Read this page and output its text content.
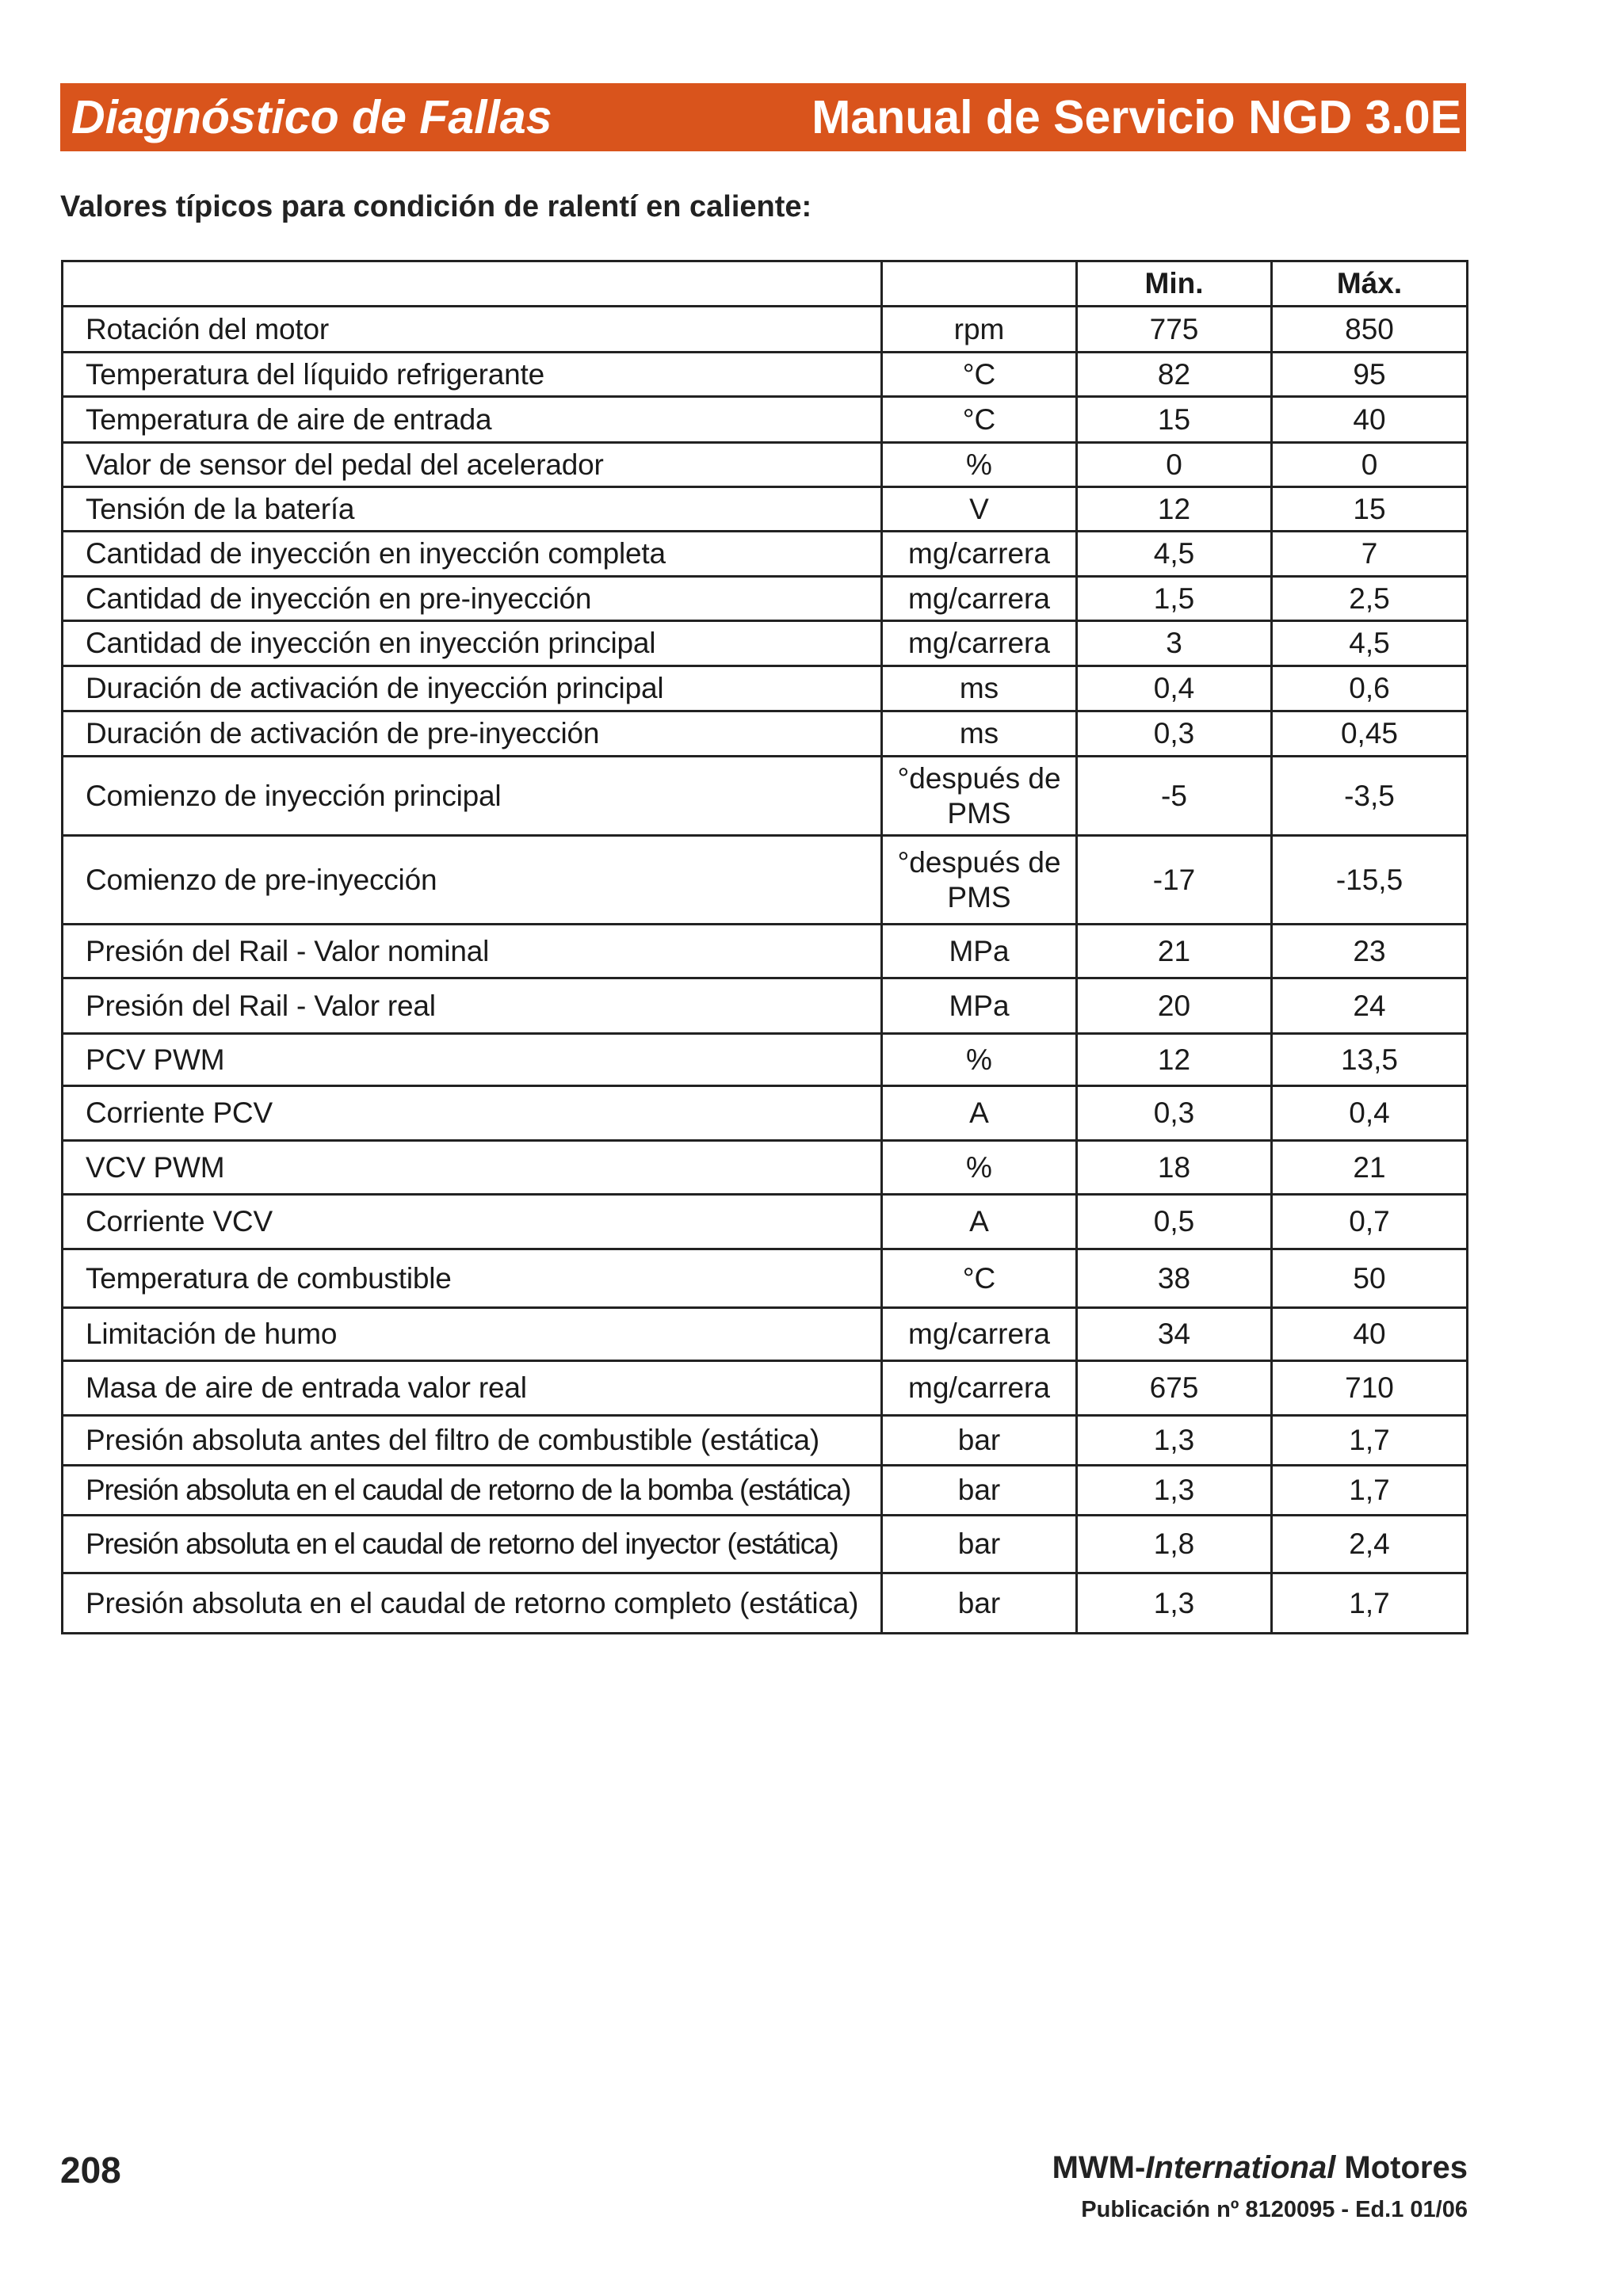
Diagnóstico de Fallas	Manual de Servicio NGD 3.0E
Valores típicos para condición de ralentí en caliente:
		Min.	Máx.
Rotación del motor	rpm	775	850
Temperatura del líquido refrigerante	°C	82	95
Temperatura de aire de entrada	°C	15	40
Valor de sensor del pedal del acelerador	%	0	0
Tensión de la batería	V	12	15
Cantidad de inyección en inyección completa	mg/carrera	4,5	7
Cantidad de inyección en pre-inyección	mg/carrera	1,5	2,5
Cantidad de inyección en inyección principal	mg/carrera	3	4,5
Duración de activación de inyección principal	ms	0,4	0,6
Duración de activación de pre-inyección	ms	0,3	0,45
Comienzo de inyección principal	°después de PMS	-5	-3,5
Comienzo de pre-inyección	°después de PMS	-17	-15,5
Presión del Rail - Valor nominal	MPa	21	23
Presión del Rail - Valor real	MPa	20	24
PCV PWM	%	12	13,5
Corriente PCV	A	0,3	0,4
VCV PWM	%	18	21
Corriente VCV	A	0,5	0,7
Temperatura de combustible	°C	38	50
Limitación de humo	mg/carrera	34	40
Masa de aire de entrada valor real	mg/carrera	675	710
Presión absoluta antes del filtro de combustible (estática)	bar	1,3	1,7
Presión absoluta en el caudal de retorno de la bomba (estática)	bar	1,3	1,7
Presión absoluta en el caudal de retorno del inyector (estática)	bar	1,8	2,4
Presión absoluta en el caudal de retorno completo (estática)	bar	1,3	1,7
208	MWM-International Motores
Publicación nº 8120095 - Ed.1 01/06
